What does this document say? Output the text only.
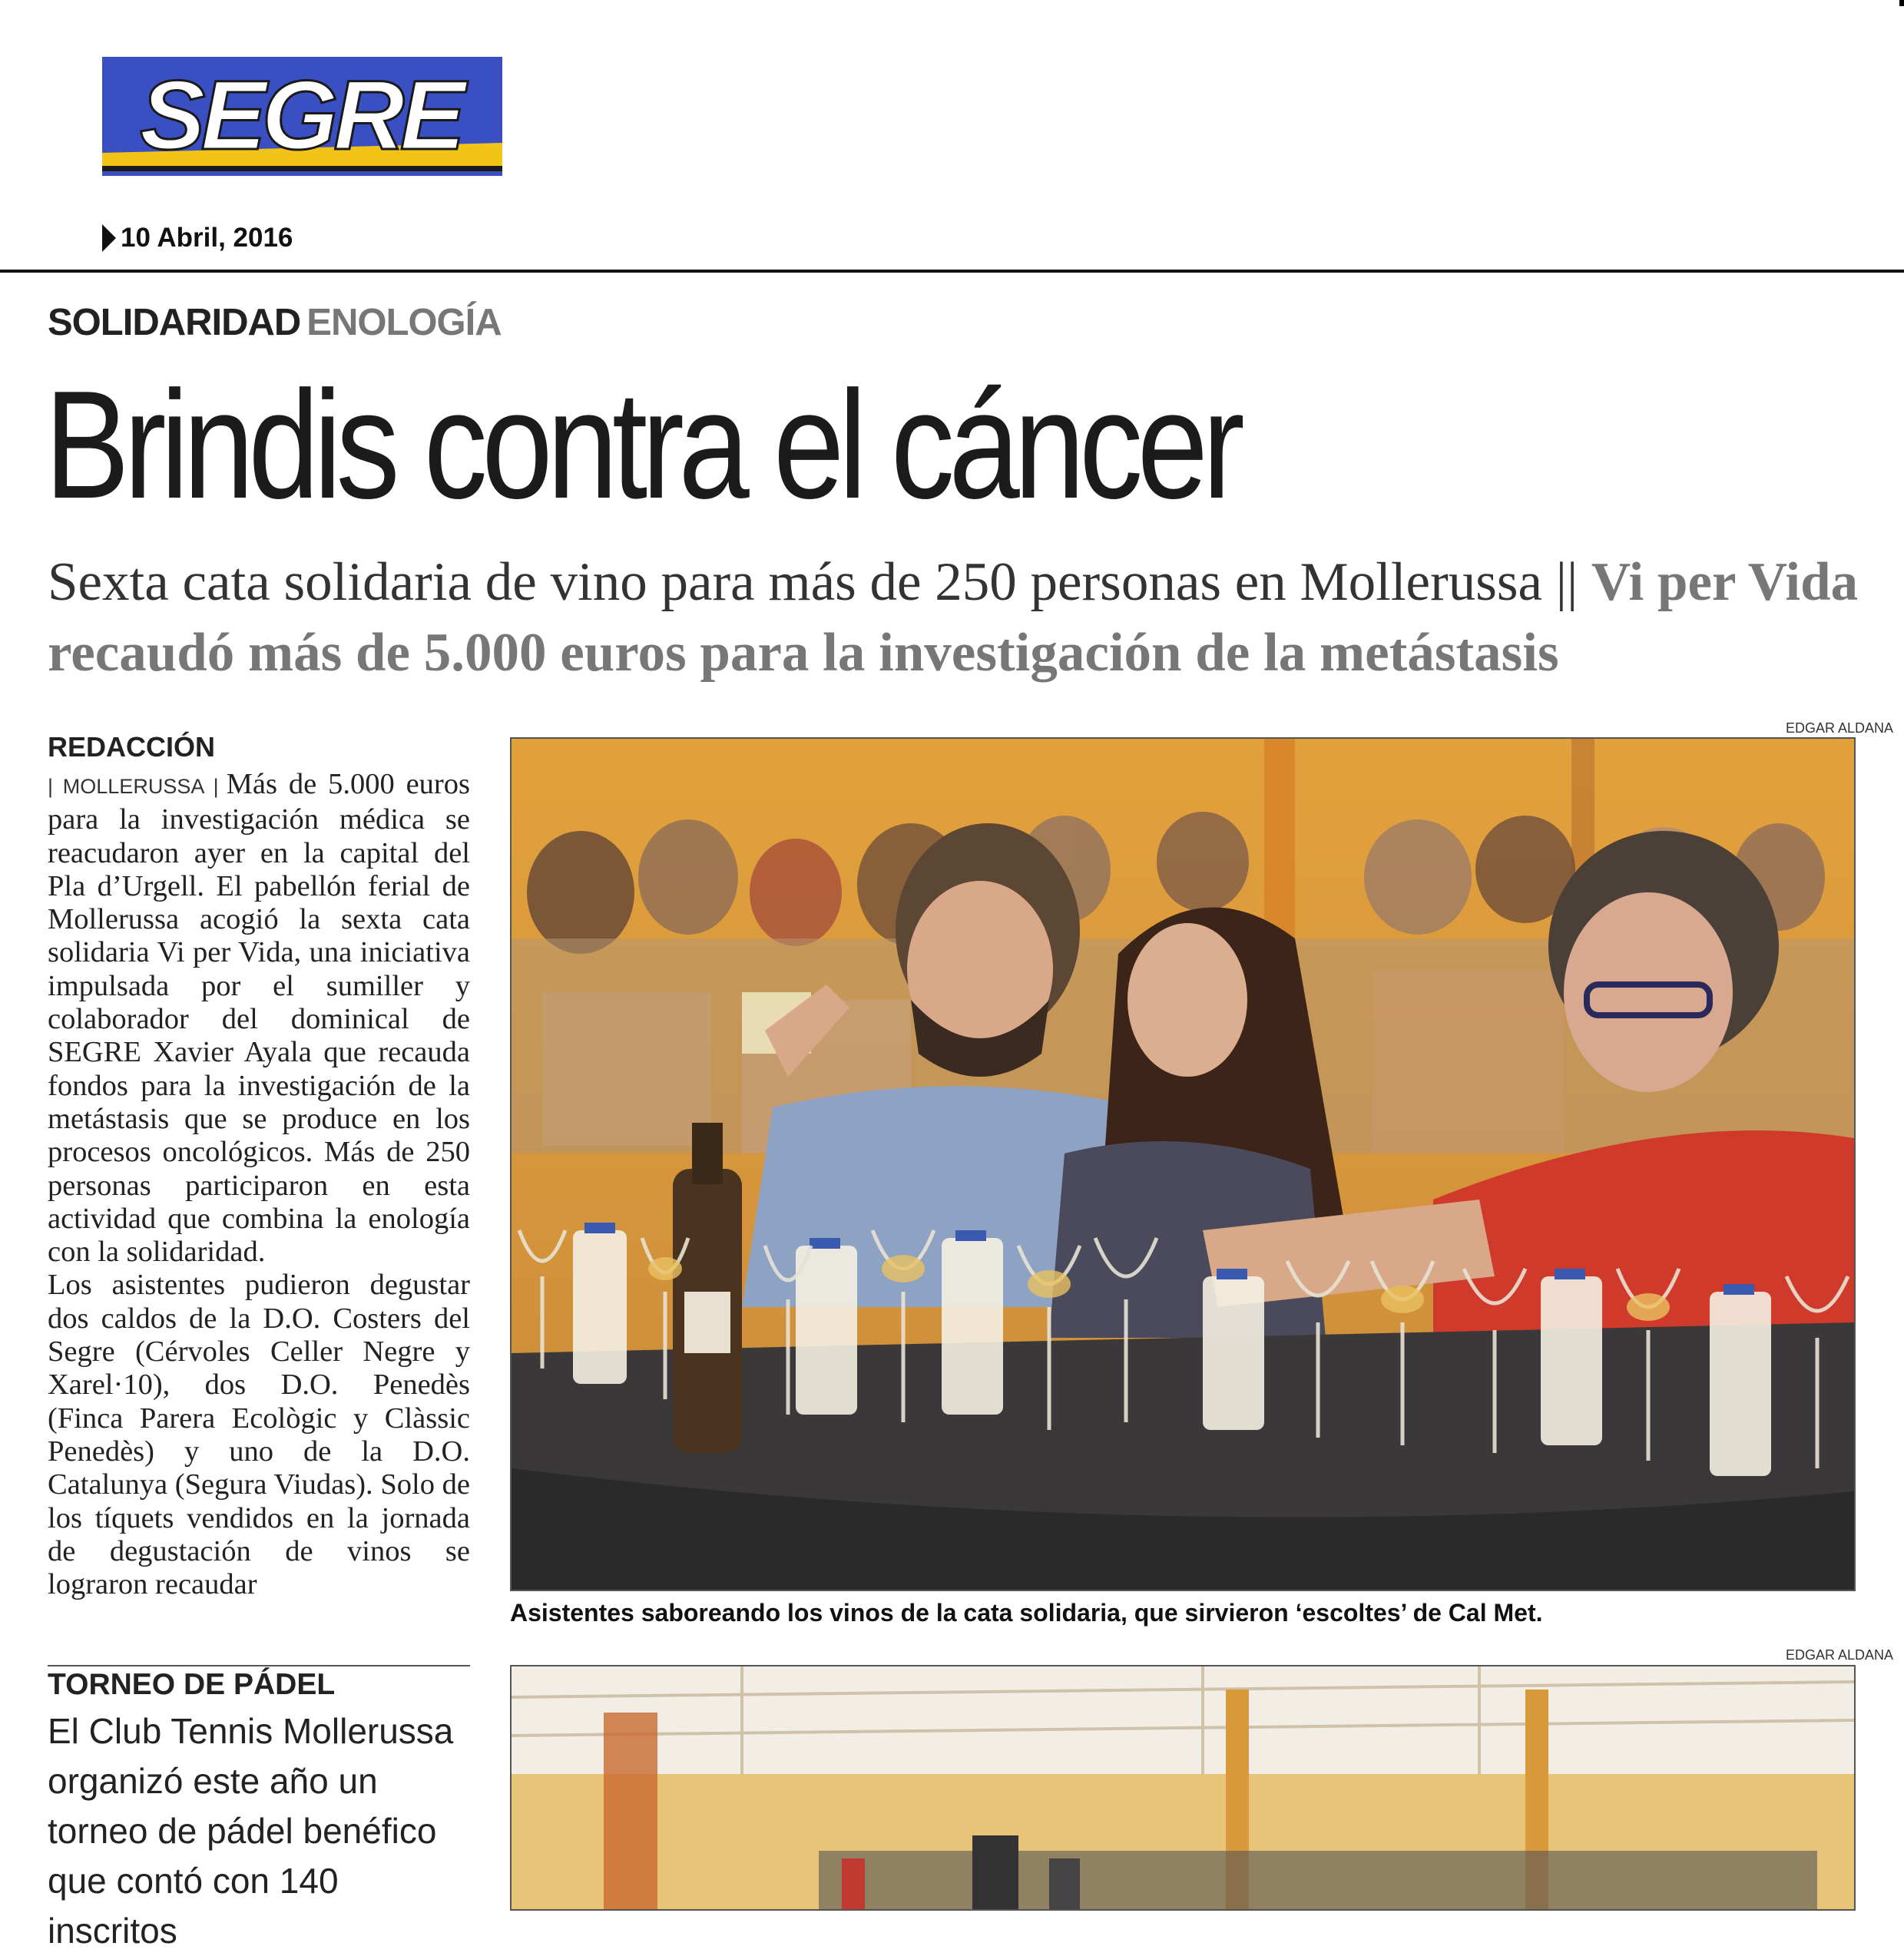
SEGRE
10 Abril, 2016
SOLIDARIDAD ENOLOGÍA
Brindis contra el cáncer
Sexta cata solidaria de vino para más de 250 personas en Mollerussa || Vi per Vida recaudó más de 5.000 euros para la investigación de la metástasis
REDACCIÓN

| MOLLERUSSA | Más de 5.000 euros para la investigación médica se reacudaron ayer en la capital del Pla d’Urgell. El pabellón ferial de Mollerussa acogió la sexta cata solidaria Vi per Vida, una iniciativa impulsada por el sumiller y colaborador del dominical de SEGRE Xavier Ayala que recauda fondos para la investigación de la metástasis que se produce en los procesos oncológicos. Más de 250 personas participaron en esta actividad que combina la enología con la solidaridad.

Los asistentes pudieron degustar dos caldos de la D.O. Costers del Segre (Cérvoles Celler Negre y Xarel·10), dos D.O. Penedès (Finca Parera Ecològic y Clàssic Penedès) y uno de la D.O. Catalunya (Segura Viudas). Solo de los tíquets vendidos en la jornada de degustación de vinos se lograron recaudar

TORNEO DE PÁDEL
El Club Tennis Mollerussa organizó este año un torneo de pádel benéfico que contó con 140 inscritos
EDGAR ALDANA
Asistentes saboreando los vinos de la cata solidaria, que sirvieron ‘escoltes’ de Cal Met.
EDGAR ALDANA
